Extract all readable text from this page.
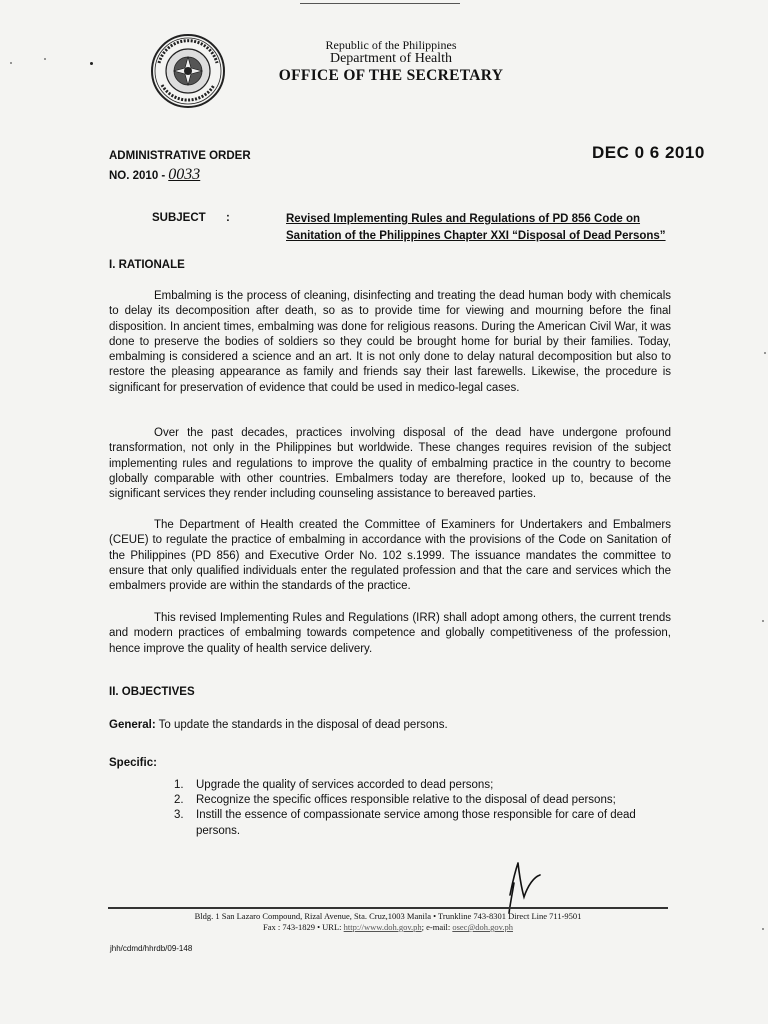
Republic of the Philippines
Department of Health
OFFICE OF THE SECRETARY
ADMINISTRATIVE ORDER
NO. 2010 - 0033
DEC 0 6 2010
SUBJECT :	Revised Implementing Rules and Regulations of PD 856 Code on
Sanitation of the Philippines Chapter XXI “Disposal of Dead Persons”
I. RATIONALE
Embalming is the process of cleaning, disinfecting and treating the dead human body with chemicals to delay its decomposition after death, so as to provide time for viewing and mourning before the final disposition. In ancient times, embalming was done for religious reasons. During the American Civil War, it was done to preserve the bodies of soldiers so they could be brought home for burial by their families. Today, embalming is considered a science and an art. It is not only done to delay natural decomposition but also to restore the pleasing appearance as family and friends say their last farewells. Likewise, the procedure is significant for preservation of evidence that could be used in medico-legal cases.
Over the past decades, practices involving disposal of the dead have undergone profound transformation, not only in the Philippines but worldwide. These changes requires revision of the subject implementing rules and regulations to improve the quality of embalming practice in the country to become globally comparable with other countries. Embalmers today are therefore, looked up to, because of the significant services they render including counseling assistance to bereaved parties.
The Department of Health created the Committee of Examiners for Undertakers and Embalmers (CEUE) to regulate the practice of embalming in accordance with the provisions of the Code on Sanitation of the Philippines (PD 856) and Executive Order No. 102 s.1999. The issuance mandates the committee to ensure that only qualified individuals enter the regulated profession and that the care and services which the embalmers provide are within the standards of the practice.
This revised Implementing Rules and Regulations (IRR) shall adopt among others, the current trends and modern practices of embalming towards competence and globally competitiveness of the profession, hence improve the quality of health service delivery.
II. OBJECTIVES
General: To update the standards in the disposal of dead persons.
Specific:
1. Upgrade the quality of services accorded to dead persons;
2. Recognize the specific offices responsible relative to the disposal of dead persons;
3. Instill the essence of compassionate service among those responsible for care of dead persons.
Bldg. 1 San Lazaro Compound, Rizal Avenue, Sta. Cruz,1003 Manila • Trunkline 743-8301 Direct Line 711-9501
Fax : 743-1829 • URL: http://www.doh.gov.ph; e-mail: osec@doh.gov.ph
jhh/cdmd/hhrdb/09-148
